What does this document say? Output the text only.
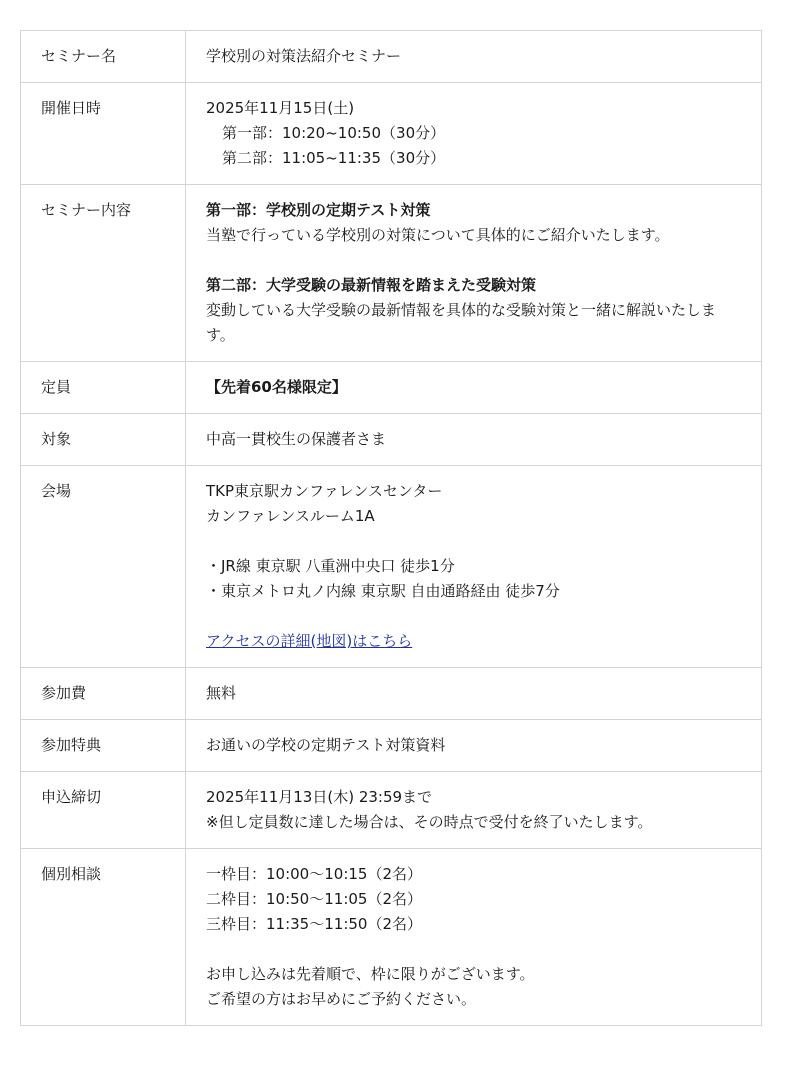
セミナー名	学校別の対策法紹介セミナー

開催日時	2025年11月15日(土)
第一部：10:20~10:50（30分）
第二部：11:05~11:35（30分）

セミナー内容	第一部：学校別の定期テスト対策
当塾で行っている学校別の対策について具体的にご紹介いたします。
第二部：大学受験の最新情報を踏まえた受験対策
変動している大学受験の最新情報を具体的な受験対策と一緒に解説いたします。

定員	【先着60名様限定】

対象	中高一貫校生の保護者さま

会場	TKP東京駅カンファレンスセンター
カンファレンスルーム1A
・JR線 東京駅 八重洲中央口 徒歩1分
・東京メトロ丸ノ内線 東京駅 自由通路経由 徒歩7分
アクセスの詳細(地図)はこちら

参加費	無料

参加特典	お通いの学校の定期テスト対策資料

申込締切	2025年11月13日(木) 23:59まで
※但し定員数に達した場合は、その時点で受付を終了いたします。

個別相談	一枠目：10:00〜10:15（2名）
二枠目：10:50〜11:05（2名）
三枠目：11:35〜11:50（2名）
お申し込みは先着順で、枠に限りがございます。
ご希望の方はお早めにご予約ください。
